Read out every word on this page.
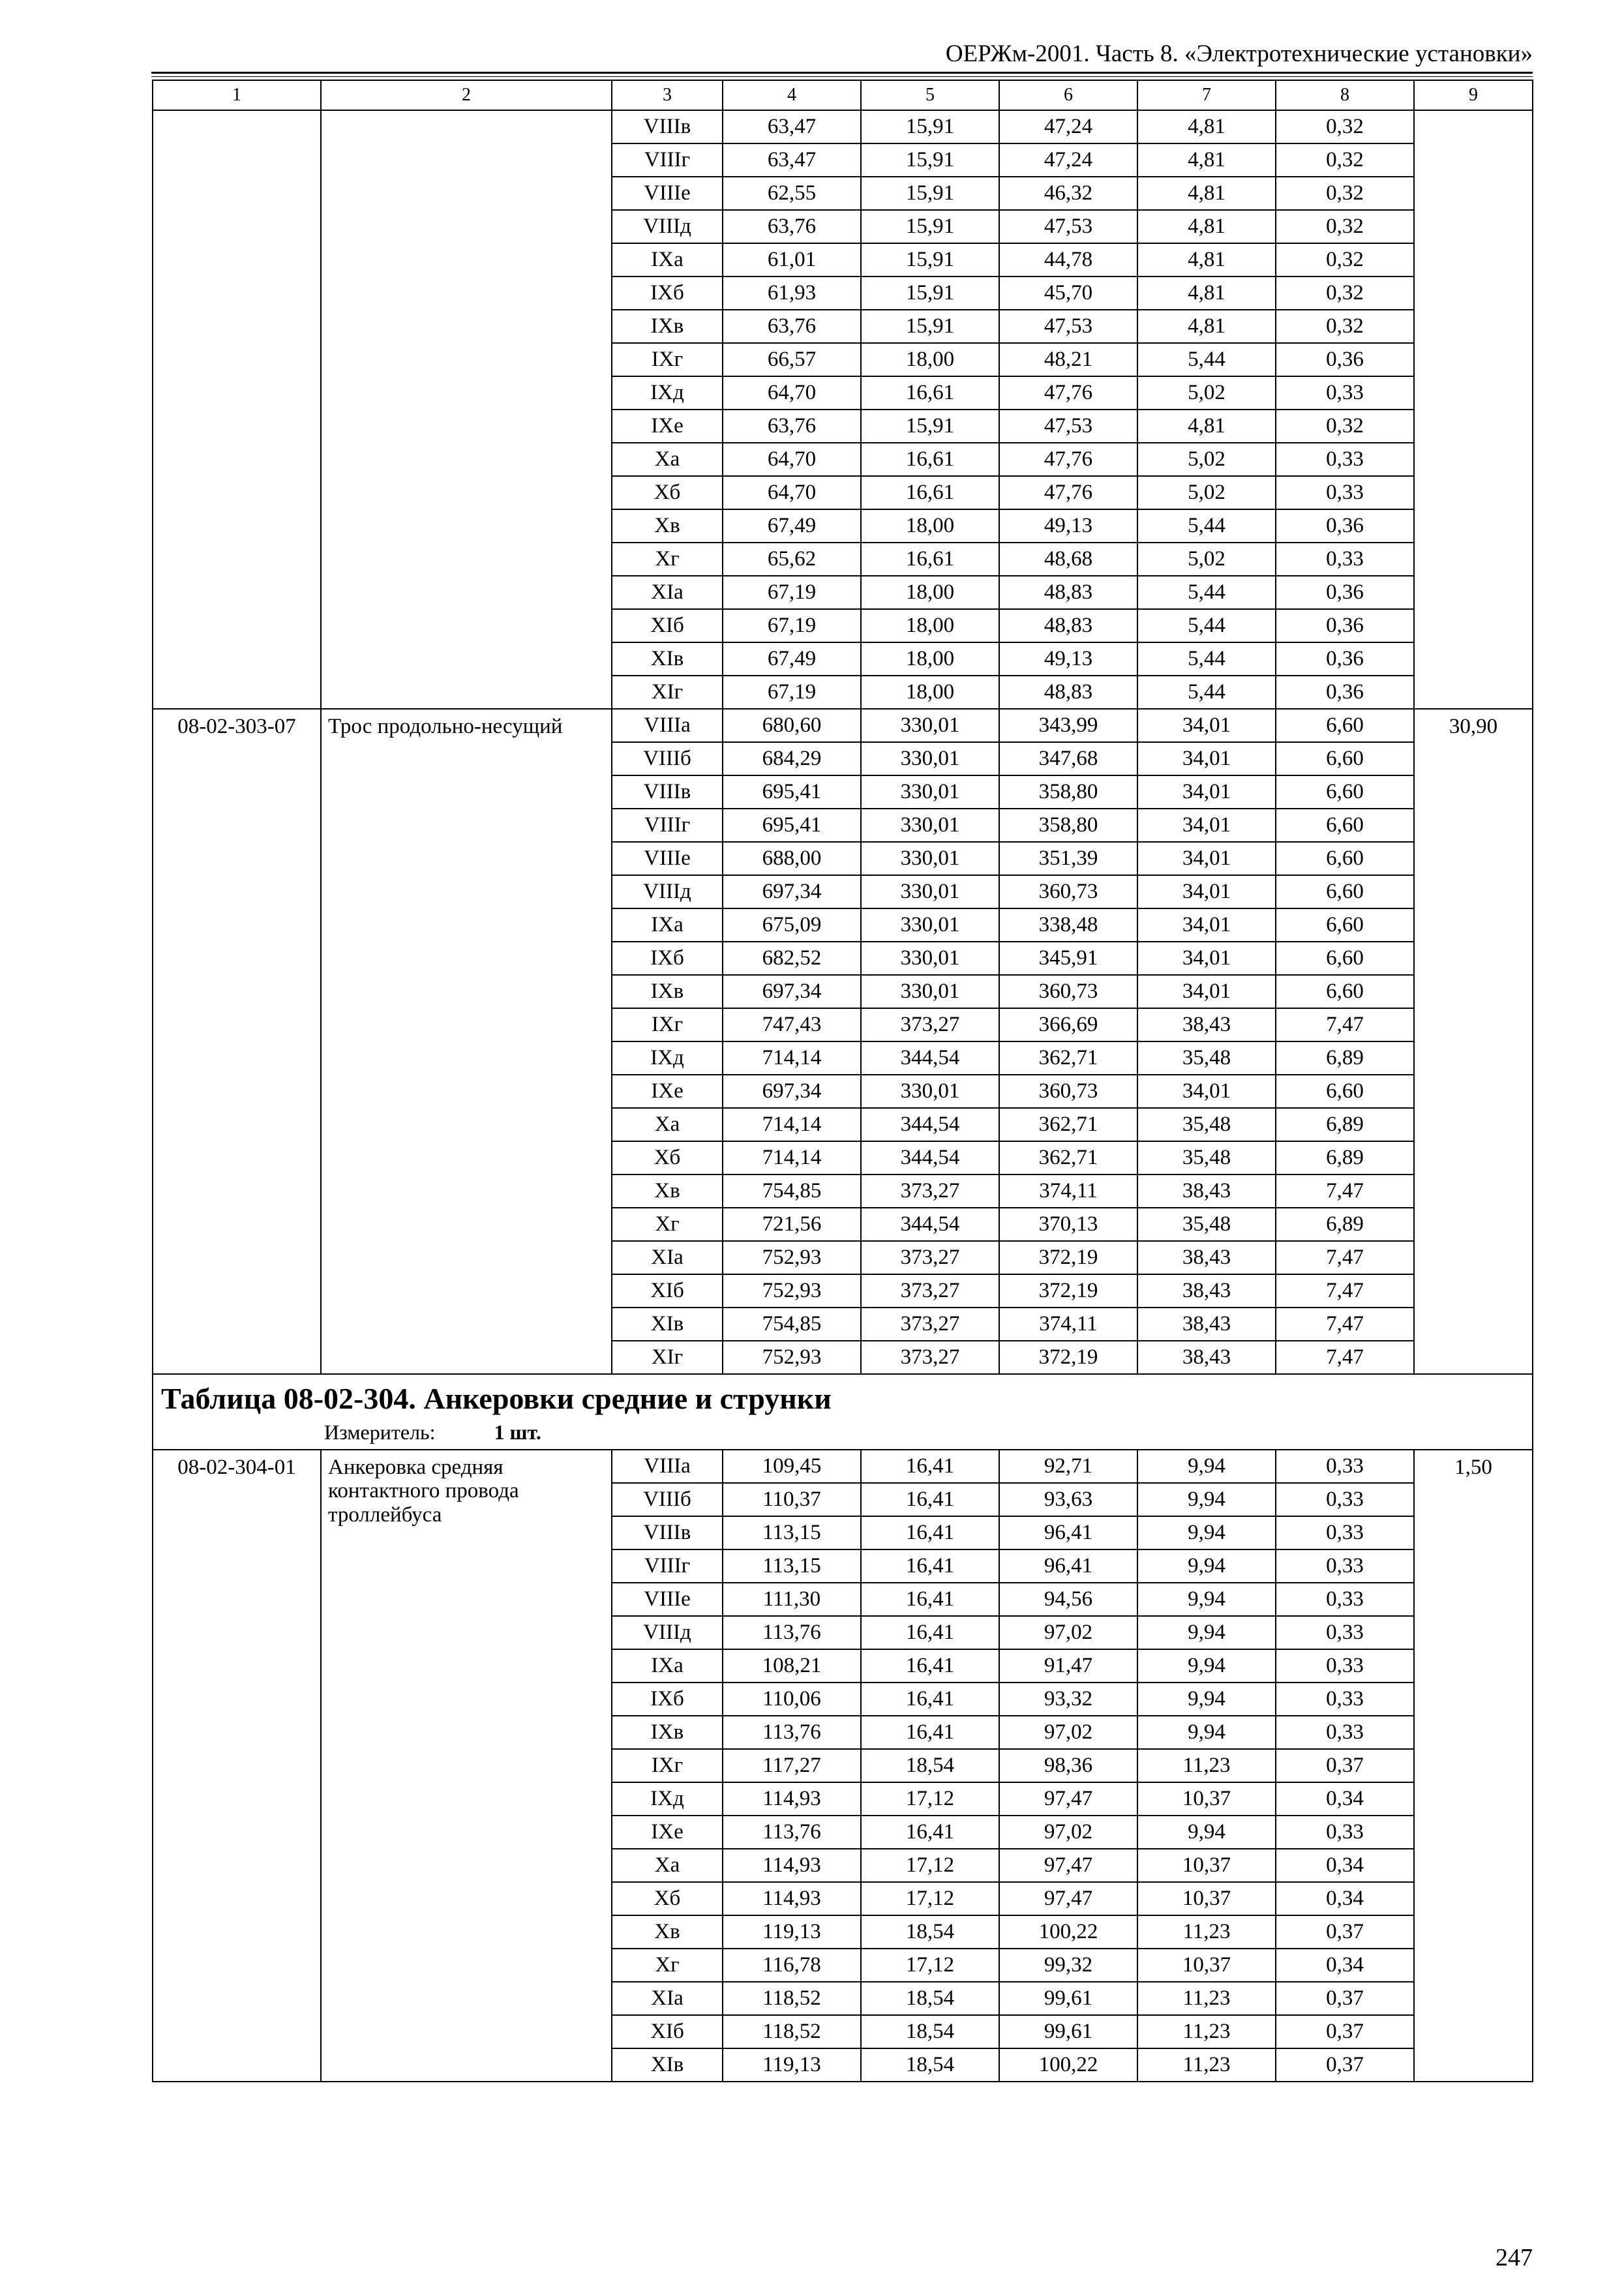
ОЕРЖм-2001. Часть 8. «Электротехнические установки»
1	2	3	4	5	6	7	8	9
		VIIIв	63,47	15,91	47,24	4,81	0,32	
		VIIIг	63,47	15,91	47,24	4,81	0,32	
		VIIIе	62,55	15,91	46,32	4,81	0,32	
		VIIIд	63,76	15,91	47,53	4,81	0,32	
		IXа	61,01	15,91	44,78	4,81	0,32	
		IXб	61,93	15,91	45,70	4,81	0,32	
		IXв	63,76	15,91	47,53	4,81	0,32	
		IXг	66,57	18,00	48,21	5,44	0,36	
		IXд	64,70	16,61	47,76	5,02	0,33	
		IXе	63,76	15,91	47,53	4,81	0,32	
		Xа	64,70	16,61	47,76	5,02	0,33	
		Xб	64,70	16,61	47,76	5,02	0,33	
		Xв	67,49	18,00	49,13	5,44	0,36	
		Xг	65,62	16,61	48,68	5,02	0,33	
		XIа	67,19	18,00	48,83	5,44	0,36	
		XIб	67,19	18,00	48,83	5,44	0,36	
		XIв	67,49	18,00	49,13	5,44	0,36	
		XIг	67,19	18,00	48,83	5,44	0,36	
08-02-303-07	Трос продольно-несущий	VIIIа	680,60	330,01	343,99	34,01	6,60	30,90
		VIIIб	684,29	330,01	347,68	34,01	6,60	
		VIIIв	695,41	330,01	358,80	34,01	6,60	
		VIIIг	695,41	330,01	358,80	34,01	6,60	
		VIIIе	688,00	330,01	351,39	34,01	6,60	
		VIIIд	697,34	330,01	360,73	34,01	6,60	
		IXа	675,09	330,01	338,48	34,01	6,60	
		IXб	682,52	330,01	345,91	34,01	6,60	
		IXв	697,34	330,01	360,73	34,01	6,60	
		IXг	747,43	373,27	366,69	38,43	7,47	
		IXд	714,14	344,54	362,71	35,48	6,89	
		IXе	697,34	330,01	360,73	34,01	6,60	
		Xа	714,14	344,54	362,71	35,48	6,89	
		Xб	714,14	344,54	362,71	35,48	6,89	
		Xв	754,85	373,27	374,11	38,43	7,47	
		Xг	721,56	344,54	370,13	35,48	6,89	
		XIа	752,93	373,27	372,19	38,43	7,47	
		XIб	752,93	373,27	372,19	38,43	7,47	
		XIв	754,85	373,27	374,11	38,43	7,47	
		XIг	752,93	373,27	372,19	38,43	7,47	

Таблица 08-02-304. Анкеровки средние и струнки
Измеритель: 1 шт.								

08-02-304-01	Анкеровка средняя контактного провода троллейбуса	VIIIа	109,45	16,41	92,71	9,94	0,33	1,50
		VIIIб	110,37	16,41	93,63	9,94	0,33	
		VIIIв	113,15	16,41	96,41	9,94	0,33	
		VIIIг	113,15	16,41	96,41	9,94	0,33	
		VIIIе	111,30	16,41	94,56	9,94	0,33	
		VIIIд	113,76	16,41	97,02	9,94	0,33	
		IXа	108,21	16,41	91,47	9,94	0,33	
		IXб	110,06	16,41	93,32	9,94	0,33	
		IXв	113,76	16,41	97,02	9,94	0,33	
		IXг	117,27	18,54	98,36	11,23	0,37	
		IXд	114,93	17,12	97,47	10,37	0,34	
		IXе	113,76	16,41	97,02	9,94	0,33	
		Xа	114,93	17,12	97,47	10,37	0,34	
		Xб	114,93	17,12	97,47	10,37	0,34	
		Xв	119,13	18,54	100,22	11,23	0,37	
		Xг	116,78	17,12	99,32	10,37	0,34	
		XIа	118,52	18,54	99,61	11,23	0,37	
		XIб	118,52	18,54	99,61	11,23	0,37	
		XIв	119,13	18,54	100,22	11,23	0,37	
247
